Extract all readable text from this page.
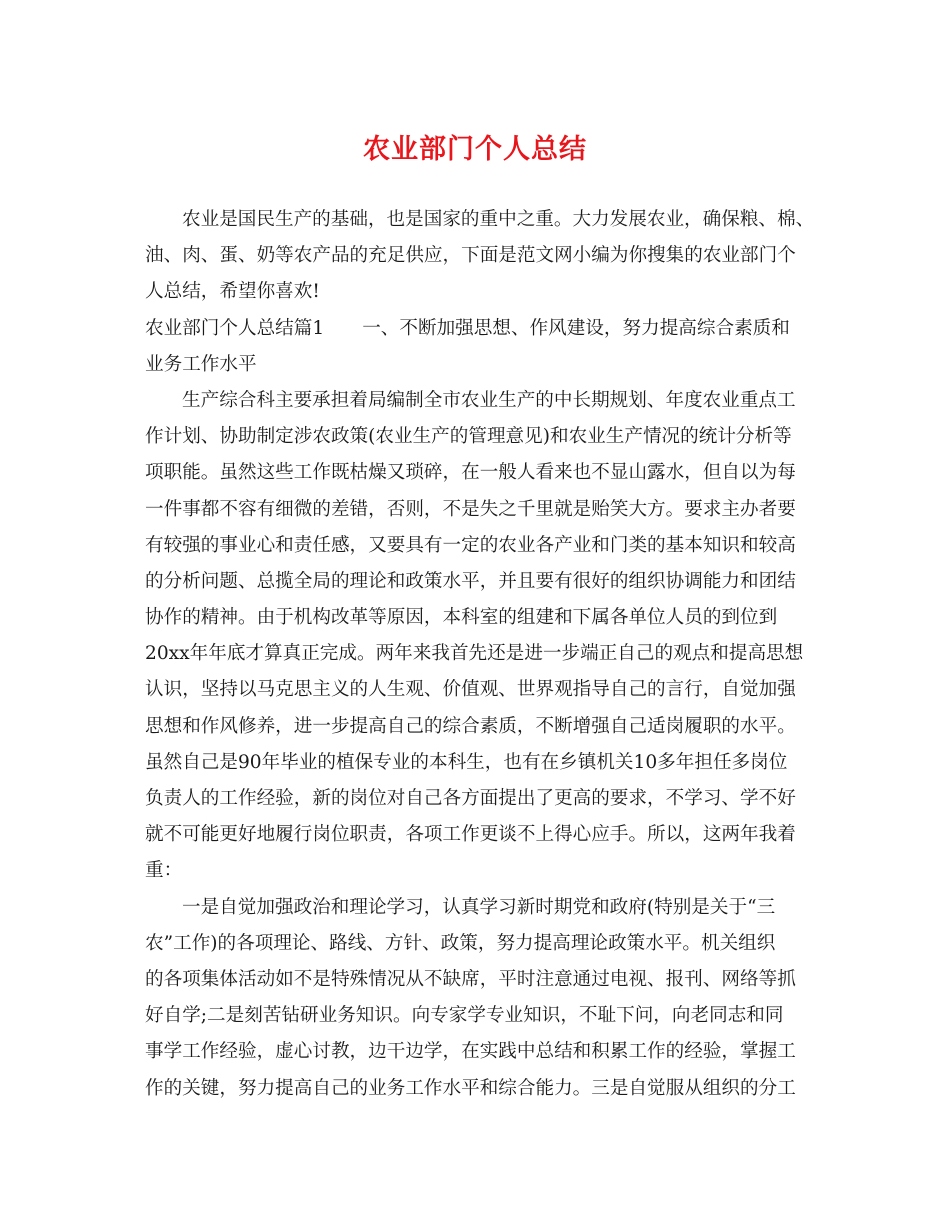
农业部门个人总结
农业是国民生产的基础，也是国家的重中之重。大力发展农业，确保粮、棉、
油、肉、蛋、奶等农产品的充足供应，下面是范文网小编为你搜集的农业部门个
人总结，希望你喜欢!
农业部门个人总结篇1 一、不断加强思想、作风建设，努力提高综合素质和
业务工作水平
生产综合科主要承担着局编制全市农业生产的中长期规划、年度农业重点工
作计划、协助制定涉农政策(农业生产的管理意见)和农业生产情况的统计分析等
项职能。虽然这些工作既枯燥又琐碎，在一般人看来也不显山露水，但自以为每
一件事都不容有细微的差错，否则，不是失之千里就是贻笑大方。要求主办者要
有较强的事业心和责任感，又要具有一定的农业各产业和门类的基本知识和较高
的分析问题、总揽全局的理论和政策水平，并且要有很好的组织协调能力和团结
协作的精神。由于机构改革等原因，本科室的组建和下属各单位人员的到位到
20xx年年底才算真正完成。两年来我首先还是进一步端正自己的观点和提高思想
认识，坚持以马克思主义的人生观、价值观、世界观指导自己的言行，自觉加强
思想和作风修养，进一步提高自己的综合素质，不断增强自己适岗履职的水平。
虽然自己是90年毕业的植保专业的本科生，也有在乡镇机关10多年担任多岗位
负责人的工作经验，新的岗位对自己各方面提出了更高的要求，不学习、学不好
就不可能更好地履行岗位职责，各项工作更谈不上得心应手。所以，这两年我着
重：
一是自觉加强政治和理论学习，认真学习新时期党和政府(特别是关于“三
农”工作)的各项理论、路线、方针、政策，努力提高理论政策水平。机关组织
的各项集体活动如不是特殊情况从不缺席，平时注意通过电视、报刊、网络等抓
好自学;二是刻苦钻研业务知识。向专家学专业知识，不耻下问，向老同志和同
事学工作经验，虚心讨教，边干边学，在实践中总结和积累工作的经验，掌握工
作的关键，努力提高自己的业务工作水平和综合能力。三是自觉服从组织的分工
